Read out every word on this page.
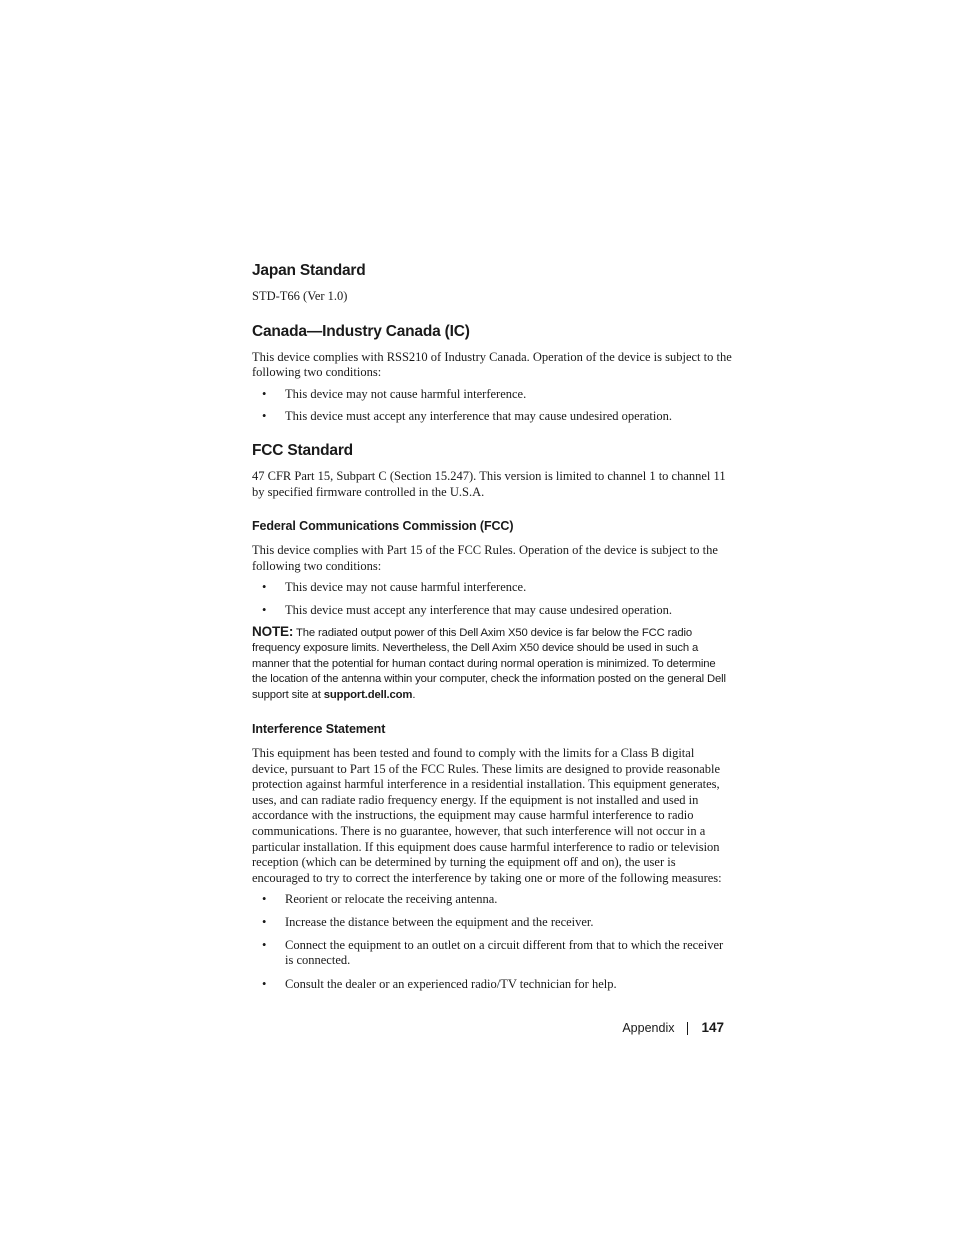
Japan Standard

STD-T66 (Ver 1.0)

Canada—Industry Canada (IC)

This device complies with RSS210 of Industry Canada. Operation of the device is subject to the following two conditions:

• This device may not cause harmful interference.
• This device must accept any interference that may cause undesired operation.
FCC Standard

47 CFR Part 15, Subpart C (Section 15.247). This version is limited to channel 1 to channel 11 by specified firmware controlled in the U.S.A.

Federal Communications Commission (FCC)

This device complies with Part 15 of the FCC Rules. Operation of the device is subject to the following two conditions:

• This device may not cause harmful interference.
• This device must accept any interference that may cause undesired operation.

NOTE: The radiated output power of this Dell Axim X50 device is far below the FCC radio frequency exposure limits. Nevertheless, the Dell Axim X50 device should be used in such a manner that the potential for human contact during normal operation is minimized. To determine the location of the antenna within your computer, check the information posted on the general Dell support site at support.dell.com.

Interference Statement

This equipment has been tested and found to comply with the limits for a Class B digital device, pursuant to Part 15 of the FCC Rules. These limits are designed to provide reasonable protection against harmful interference in a residential installation. This equipment generates, uses, and can radiate radio frequency energy. If the equipment is not installed and used in accordance with the instructions, the equipment may cause harmful interference to radio communications. There is no guarantee, however, that such interference will not occur in a particular installation. If this equipment does cause harmful interference to radio or television reception (which can be determined by turning the equipment off and on), the user is encouraged to try to correct the interference by taking one or more of the following measures:

• Reorient or relocate the receiving antenna.
• Increase the distance between the equipment and the receiver.
• Connect the equipment to an outlet on a circuit different from that to which the receiver is connected.
• Consult the dealer or an experienced radio/TV technician for help.
Appendix 147
